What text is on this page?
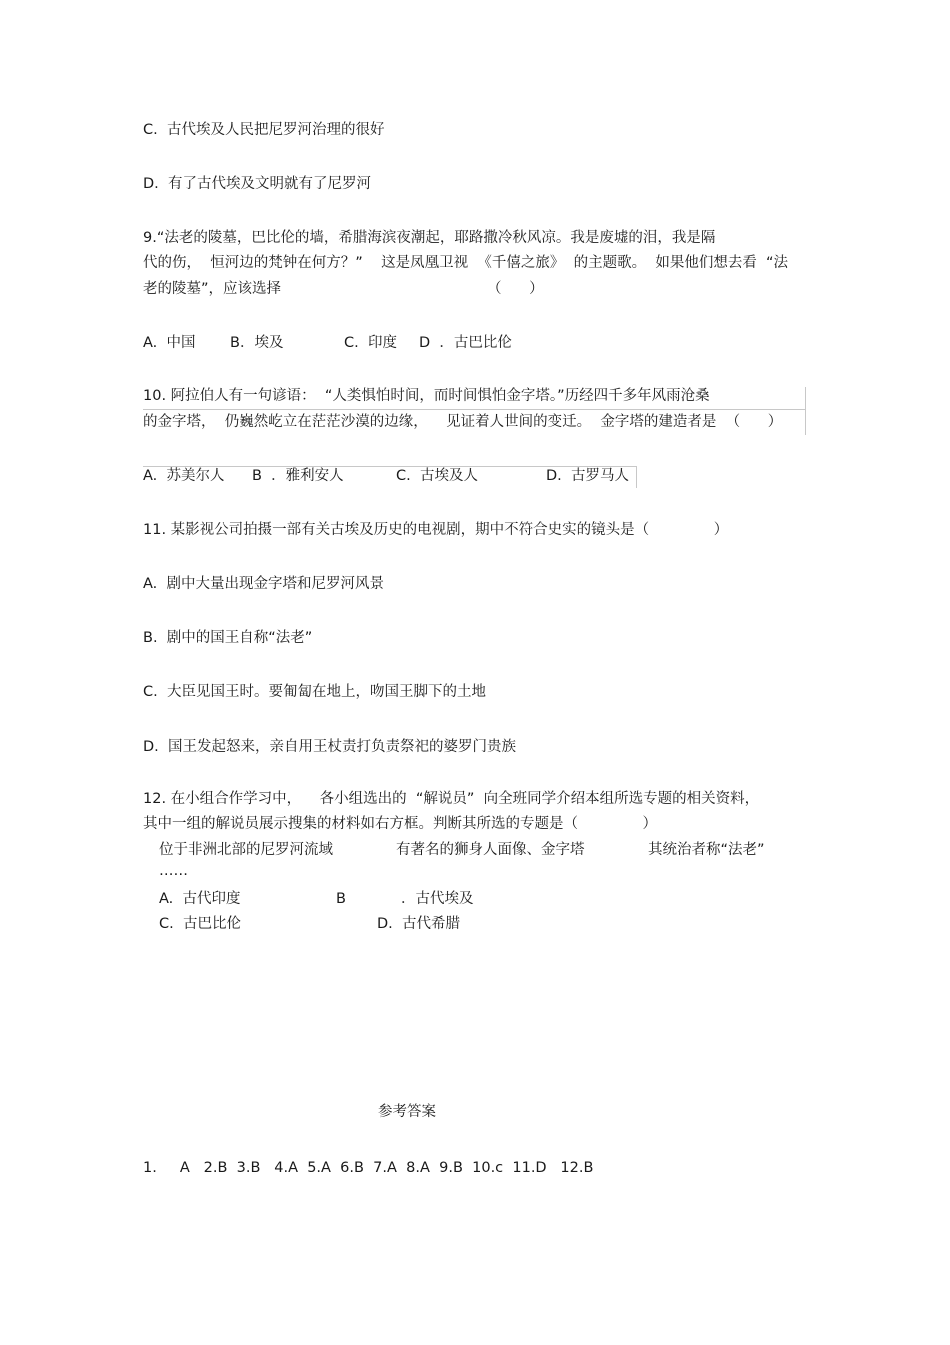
C.  古代埃及人民把尼罗河治理的很好
D.  有了古代埃及文明就有了尼罗河
9.“法老的陵墓，巴比伦的墙，希腊海滨夜潮起，耶路撒冷秋风凉。我是废墟的泪，我是隔
代的伤，  恒河边的梵钟在何方？”    这是凤凰卫视  《千僖之旅》  的主题歌。  如果他们想去看  “法
老的陵墓”，应该选择	（      ）
A.  中国 B．埃及	C.  印度 D  ．古巴比伦
10. 阿拉伯人有一句谚语：  “人类惧怕时间，而时间惧怕金字塔。”历经四千多年风雨沧桑
的金字塔，  仍巍然屹立在茫茫沙漠的边缘，    见证着人世间的变迁。  金字塔的建造者是  （      ）
A.  苏美尔人 B  ．雅利安人	C.  古埃及人	D.  古罗马人
11. 某影视公司拍摄一部有关古埃及历史的电视剧，期中不符合史实的镜头是（              ）
A.  剧中大量出现金字塔和尼罗河风景
B.  剧中的国王自称“法老”
C.  大臣见国王时。要匍匐在地上，吻国王脚下的土地
D.  国王发起怒来，亲自用王杖责打负责祭祀的婆罗门贵族
12. 在小组合作学习中，    各小组选出的  “解说员”  向全班同学介绍本组所选专题的相关资料，
其中一组的解说员展示搜集的材料如右方框。判断其所选的专题是（              ）
位于非洲北部的尼罗河流域	有著名的狮身人面像、金字塔	其统治者称“法老”
……
A.  古代印度	B	．古代埃及
C.  古巴比伦	D.  古代希腊
参考答案
1.     A   2.B  3.B   4.A  5.A  6.B  7.A  8.A  9.B  10.c  11.D   12.B
